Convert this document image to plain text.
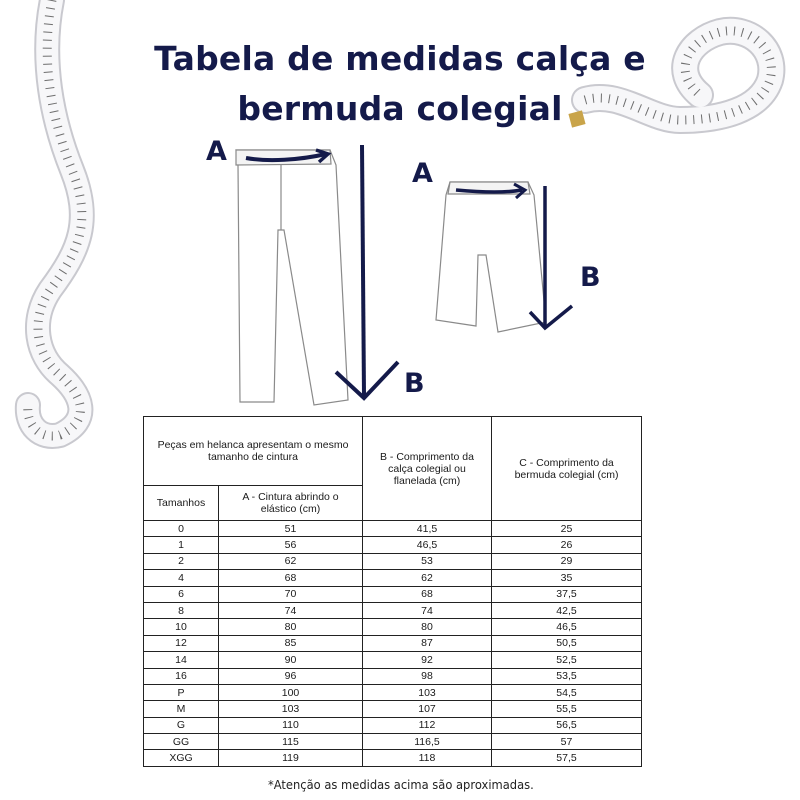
Tabela de medidas calça e
bermuda colegial
A
B
A
B
Peças em helanca apresentam o mesmo tamanho de cintura		B - Comprimento da calça colegial ou flanelada (cm)	C - Comprimento da bermuda colegial (cm)
Tamanhos	A - Cintura abrindo o elástico (cm)		
0	51	41,5	25
1	56	46,5	26
2	62	53	29
4	68	62	35
6	70	68	37,5
8	74	74	42,5
10	80	80	46,5
12	85	87	50,5
14	90	92	52,5
16	96	98	53,5
P	100	103	54,5
M	103	107	55,5
G	110	112	56,5
GG	115	116,5	57
XGG	119	118	57,5
*Atenção as medidas acima são aproximadas.
